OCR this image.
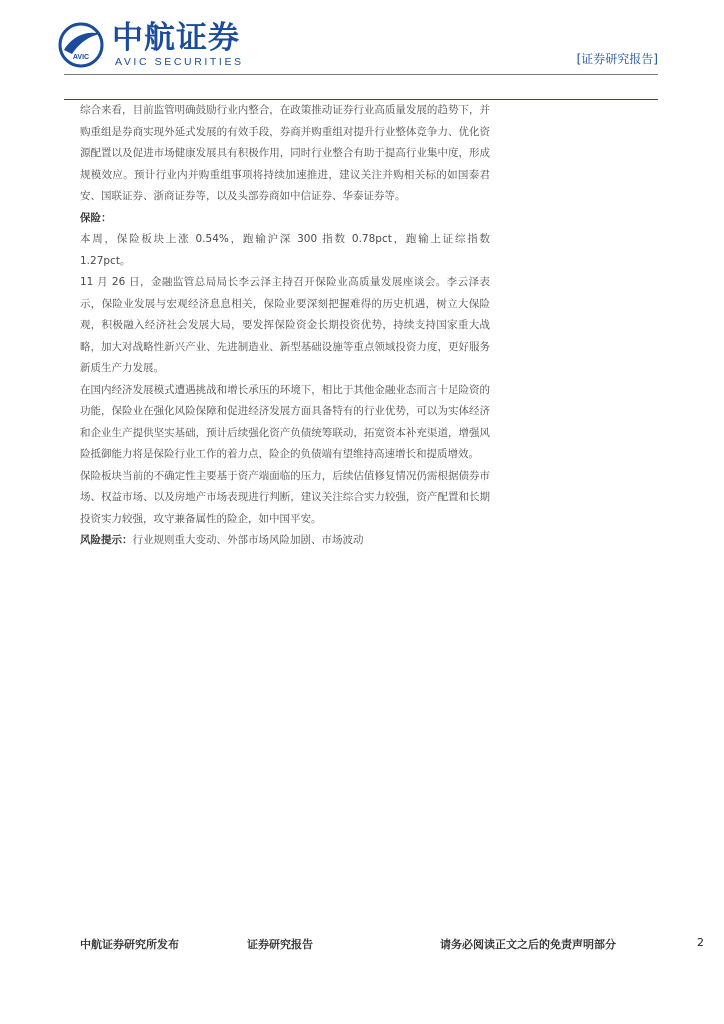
AVIC
中航证券
AVIC SECURITIES	[证券研究报告]

综合来看，目前监管明确鼓励行业内整合，在政策推动证券行业高质量发展的趋势下，并购重组是券商实现外延式发展的有效手段，券商并购重组对提升行业整体竞争力、优化资源配置以及促进市场健康发展具有积极作用，同时行业整合有助于提高行业集中度，形成规模效应。预计行业内并购重组事项将持续加速推进，建议关注并购相关标的如国泰君安、国联证券、浙商证券等，以及头部券商如中信证券、华泰证券等。

保险：

本周，保险板块上涨 0.54%，跑输沪深 300 指数 0.78pct，跑输上证综指数 1.27pct。

11 月 26 日，金融监管总局局长李云泽主持召开保险业高质量发展座谈会。李云泽表示，保险业发展与宏观经济息息相关，保险业要深刻把握难得的历史机遇，树立大保险观，积极融入经济社会发展大局，要发挥保险资金长期投资优势，持续支持国家重大战略，加大对战略性新兴产业、先进制造业、新型基础设施等重点领域投资力度，更好服务新质生产力发展。

在国内经济发展模式遭遇挑战和增长承压的环境下，相比于其他金融业态而言十足险资的功能，保险业在强化风险保障和促进经济发展方面具备特有的行业优势，可以为实体经济和企业生产提供坚实基础，预计后续强化资产负债统筹联动，拓宽资本补充渠道，增强风险抵御能力将是保险行业工作的着力点，险企的负债端有望维持高速增长和提质增效。

保险板块当前的不确定性主要基于资产端面临的压力，后续估值修复情况仍需根据债券市场、权益市场、以及房地产市场表现进行判断，建议关注综合实力较强，资产配置和长期投资实力较强，攻守兼备属性的险企，如中国平安。

风险提示：行业规则重大变动、外部市场风险加剧、市场波动

中航证券研究所发布	证券研究报告	请务必阅读正文之后的免责声明部分	2
